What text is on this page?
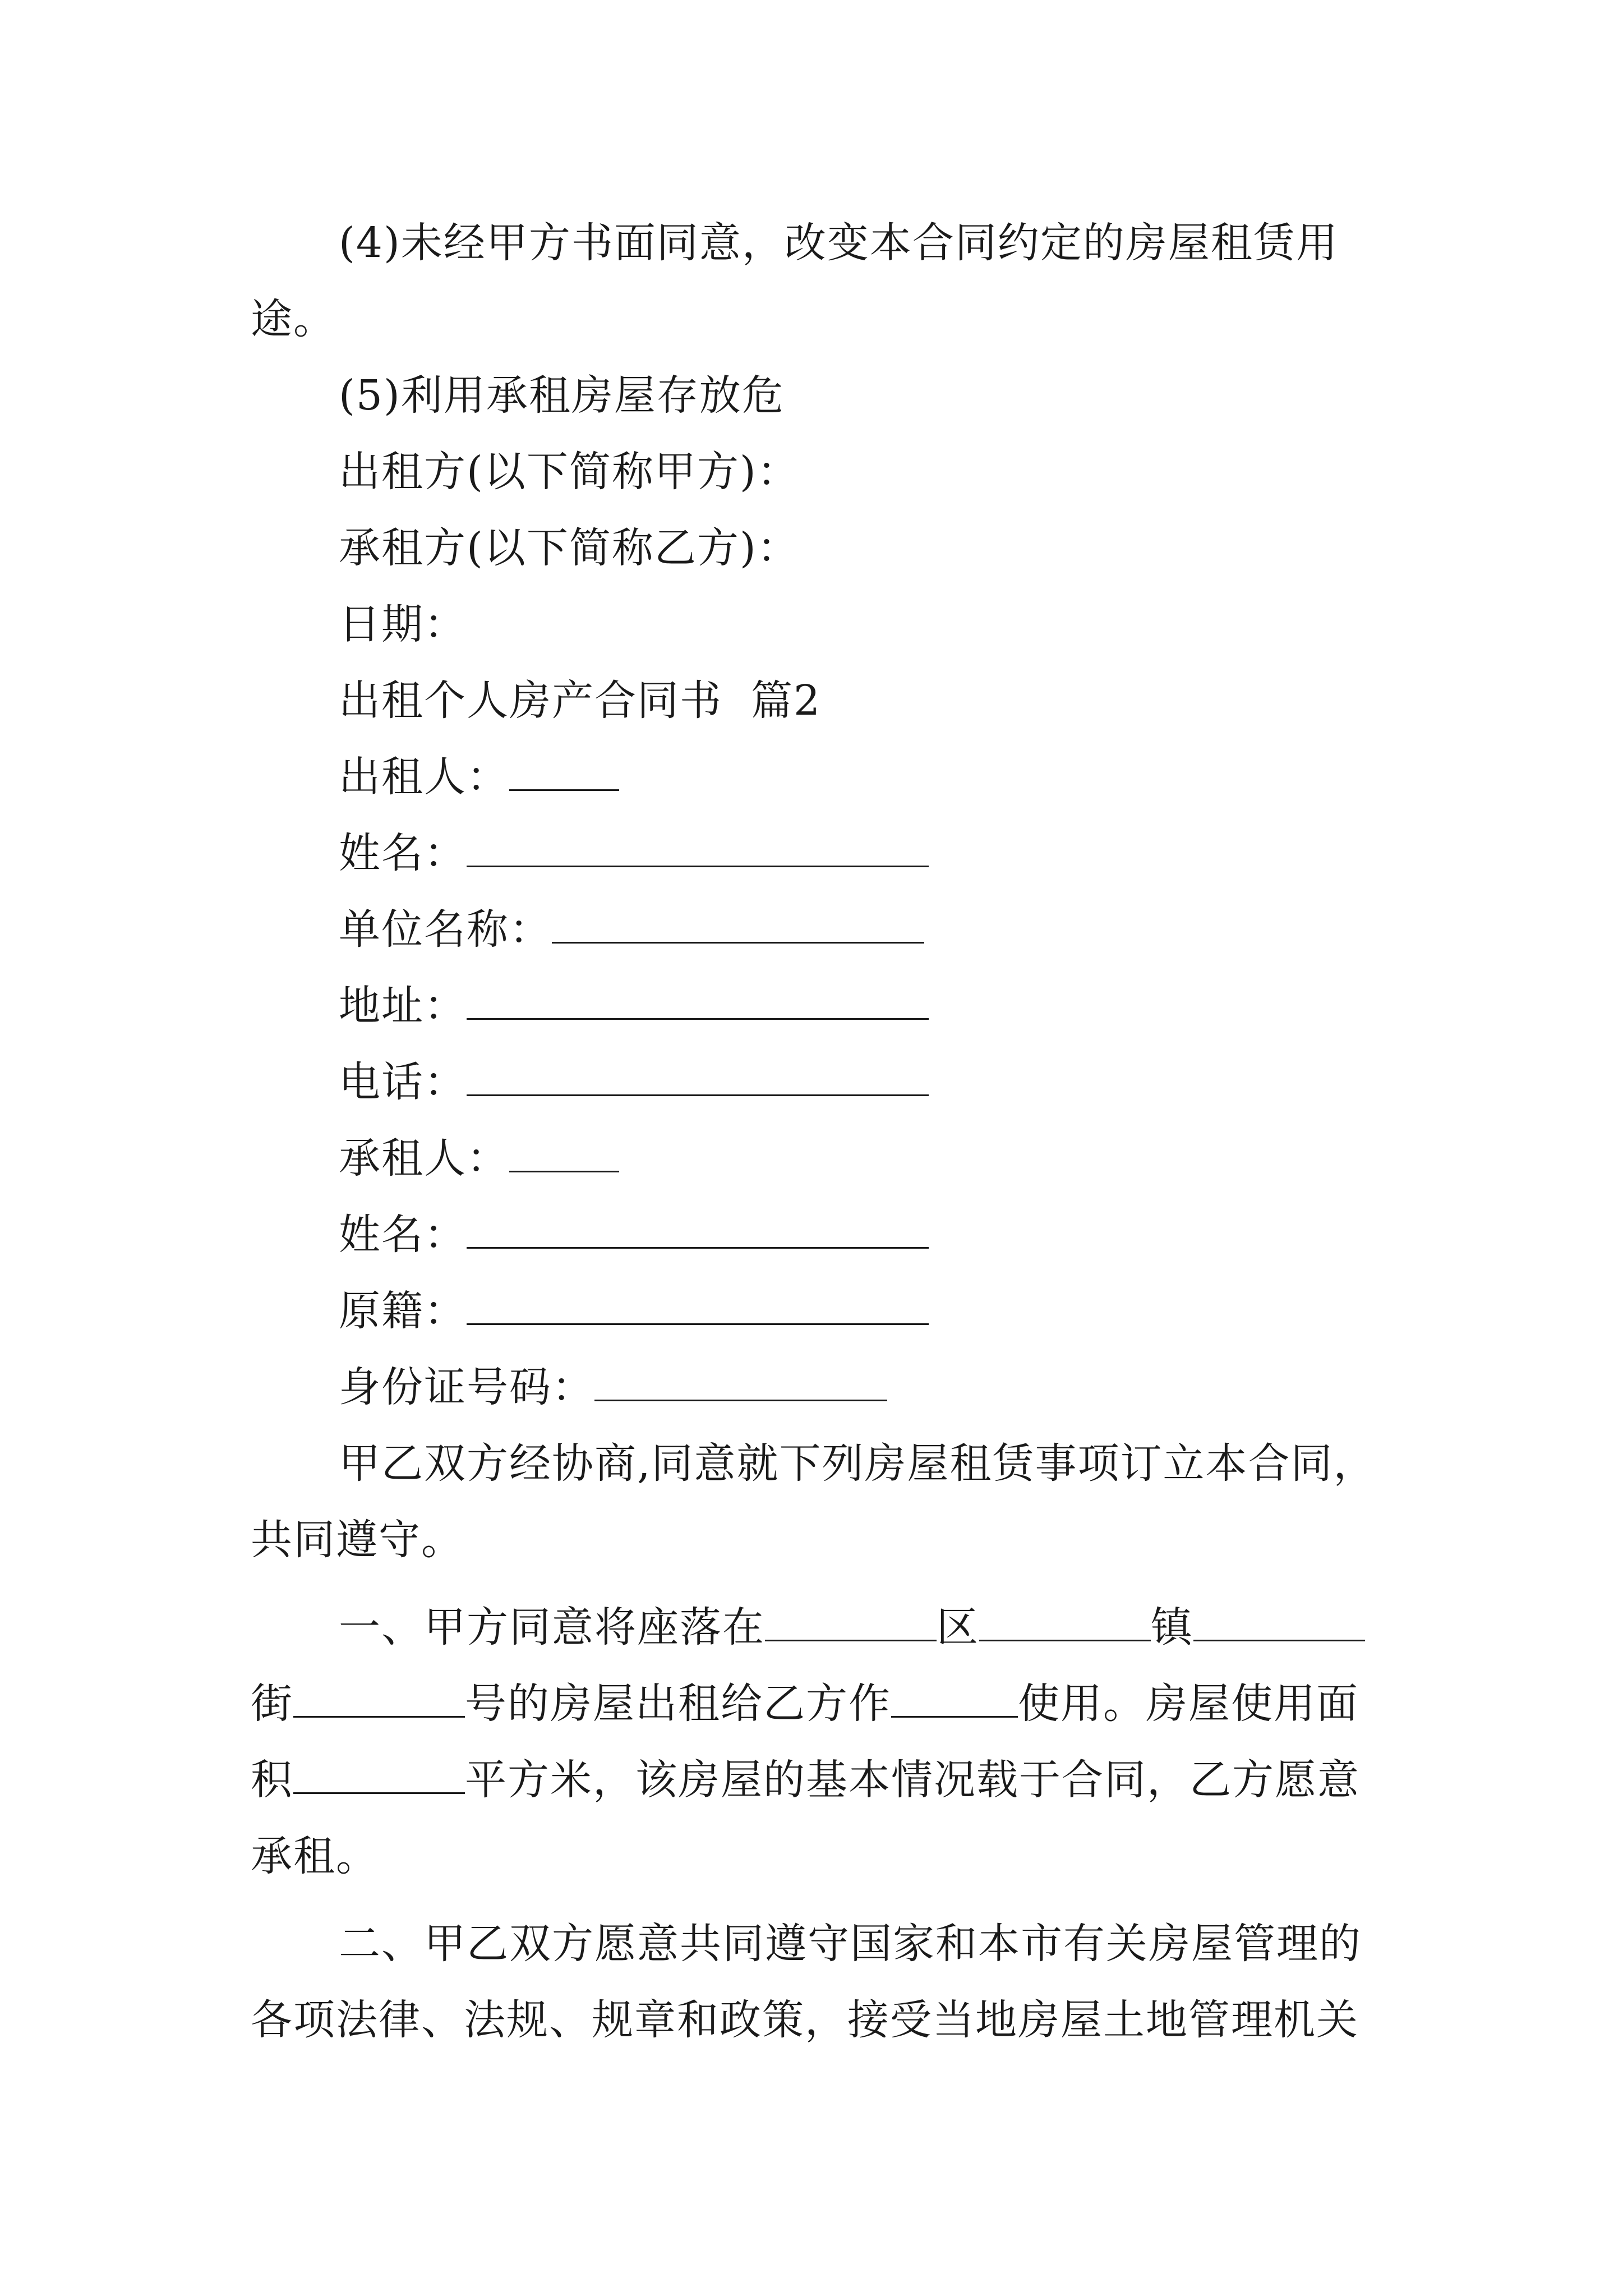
(4)未经甲方书面同意，改变本合同约定的房屋租赁用
途。
(5)利用承租房屋存放危
出租方(以下简称甲方)：
承租方(以下简称乙方)：
日期：
出租个人房产合同书  篇2
出租人：
姓名：
单位名称：
地址：
电话：
承租人：
姓名：
原籍：
身份证号码：
甲乙双方经协商,同意就下列房屋租赁事项订立本合同，
共同遵守。
一、甲方同意将座落在	区	镇
街	号的房屋出租给乙方作	使用。房屋使用面
积	平方米，该房屋的基本情况载于合同，乙方愿意
承租。
二、甲乙双方愿意共同遵守国家和本市有关房屋管理的
各项法律、法规、规章和政策，接受当地房屋土地管理机关
